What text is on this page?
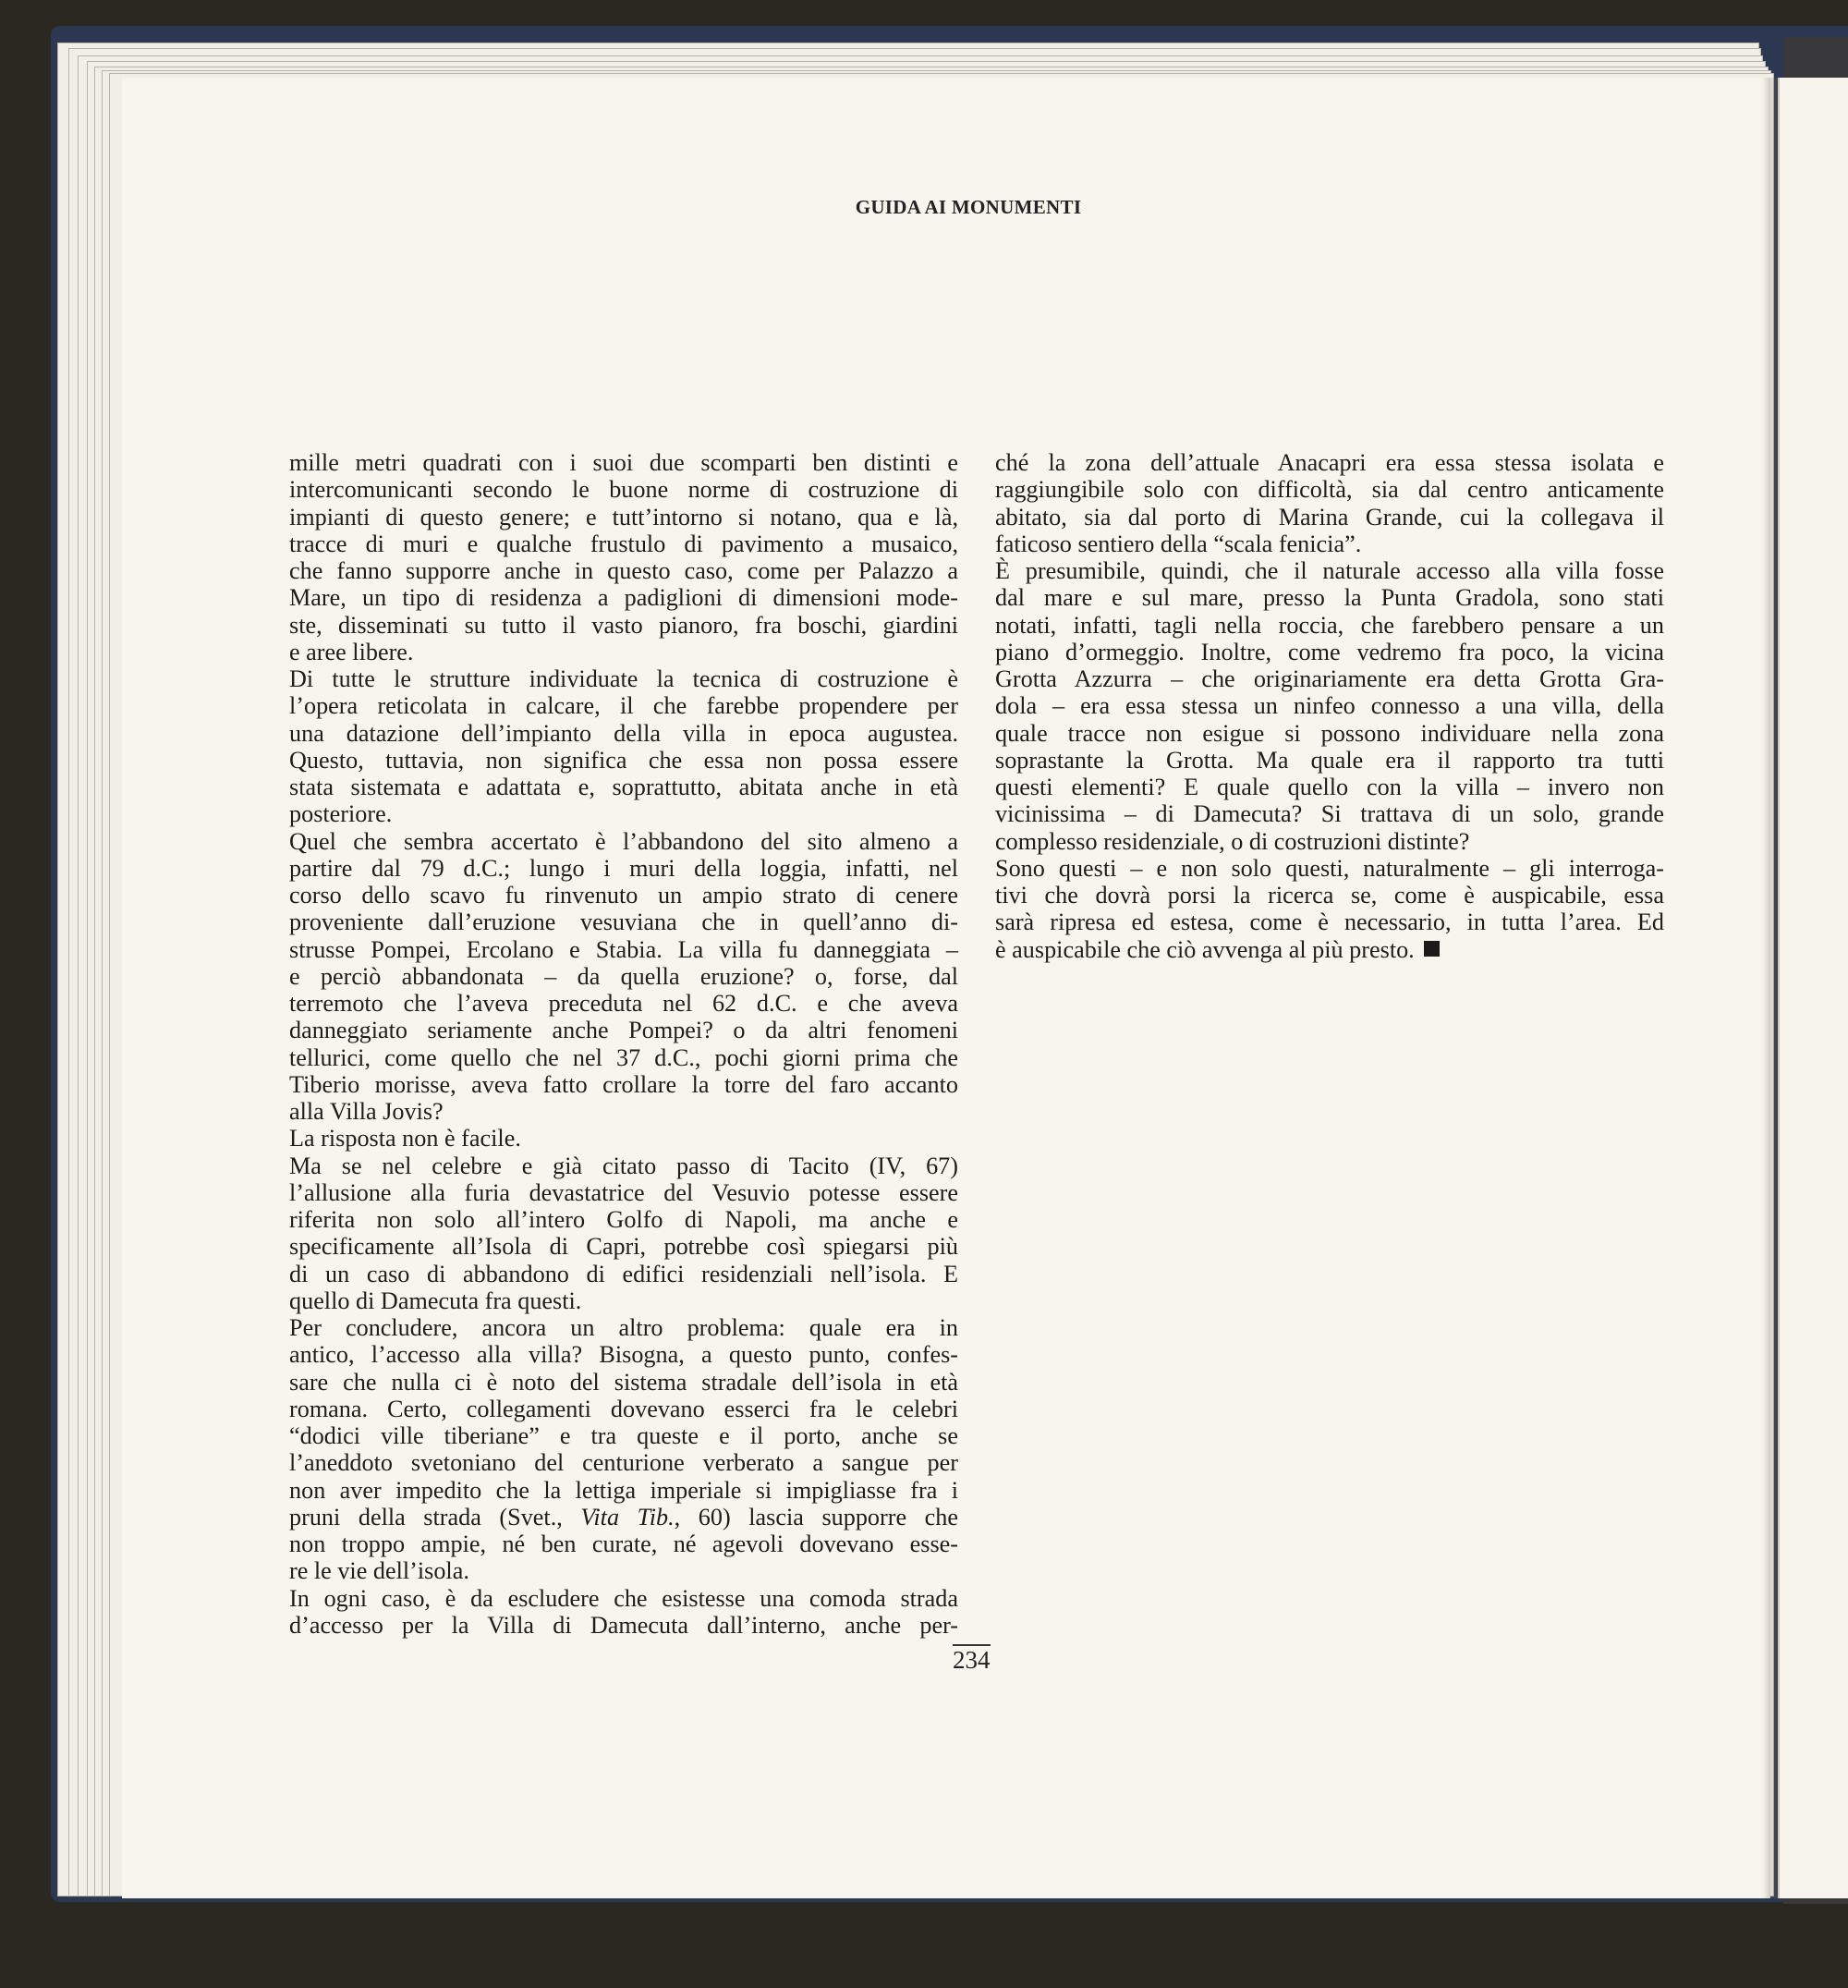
GUIDA AI MONUMENTI
mille metri quadrati con i suoi due scomparti ben distinti e
intercomunicanti secondo le buone norme di costruzione di
impianti di questo genere; e tutt’intorno si notano, qua e là,
tracce di muri e qualche frustulo di pavimento a musaico,
che fanno supporre anche in questo caso, come per Palazzo a
Mare, un tipo di residenza a padiglioni di dimensioni mode-
ste, disseminati su tutto il vasto pianoro, fra boschi, giardini
e aree libere.
Di tutte le strutture individuate la tecnica di costruzione è
l’opera reticolata in calcare, il che farebbe propendere per
una datazione dell’impianto della villa in epoca augustea.
Questo, tuttavia, non significa che essa non possa essere
stata sistemata e adattata e, soprattutto, abitata anche in età
posteriore.
Quel che sembra accertato è l’abbandono del sito almeno a
partire dal 79 d.C.; lungo i muri della loggia, infatti, nel
corso dello scavo fu rinvenuto un ampio strato di cenere
proveniente dall’eruzione vesuviana che in quell’anno di-
strusse Pompei, Ercolano e Stabia. La villa fu danneggiata –
e perciò abbandonata – da quella eruzione? o, forse, dal
terremoto che l’aveva preceduta nel 62 d.C. e che aveva
danneggiato seriamente anche Pompei? o da altri fenomeni
tellurici, come quello che nel 37 d.C., pochi giorni prima che
Tiberio morisse, aveva fatto crollare la torre del faro accanto
alla Villa Jovis?
La risposta non è facile.
Ma se nel celebre e già citato passo di Tacito (IV, 67)
l’allusione alla furia devastatrice del Vesuvio potesse essere
riferita non solo all’intero Golfo di Napoli, ma anche e
specificamente all’Isola di Capri, potrebbe così spiegarsi più
di un caso di abbandono di edifici residenziali nell’isola. E
quello di Damecuta fra questi.
Per concludere, ancora un altro problema: quale era in
antico, l’accesso alla villa? Bisogna, a questo punto, confes-
sare che nulla ci è noto del sistema stradale dell’isola in età
romana. Certo, collegamenti dovevano esserci fra le celebri
“dodici ville tiberiane” e tra queste e il porto, anche se
l’aneddoto svetoniano del centurione verberato a sangue per
non aver impedito che la lettiga imperiale si impigliasse fra i
pruni della strada (Svet., Vita Tib., 60) lascia supporre che
non troppo ampie, né ben curate, né agevoli dovevano esse-
re le vie dell’isola.
In ogni caso, è da escludere che esistesse una comoda strada
d’accesso per la Villa di Damecuta dall’interno, anche per-
ché la zona dell’attuale Anacapri era essa stessa isolata e
raggiungibile solo con difficoltà, sia dal centro anticamente
abitato, sia dal porto di Marina Grande, cui la collegava il
faticoso sentiero della “scala fenicia”.
È presumibile, quindi, che il naturale accesso alla villa fosse
dal mare e sul mare, presso la Punta Gradola, sono stati
notati, infatti, tagli nella roccia, che farebbero pensare a un
piano d’ormeggio. Inoltre, come vedremo fra poco, la vicina
Grotta Azzurra – che originariamente era detta Grotta Gra-
dola – era essa stessa un ninfeo connesso a una villa, della
quale tracce non esigue si possono individuare nella zona
soprastante la Grotta. Ma quale era il rapporto tra tutti
questi elementi? E quale quello con la villa – invero non
vicinissima – di Damecuta? Si trattava di un solo, grande
complesso residenziale, o di costruzioni distinte?
Sono questi – e non solo questi, naturalmente – gli interroga-
tivi che dovrà porsi la ricerca se, come è auspicabile, essa
sarà ripresa ed estesa, come è necessario, in tutta l’area. Ed
è auspicabile che ciò avvenga al più presto.
234
